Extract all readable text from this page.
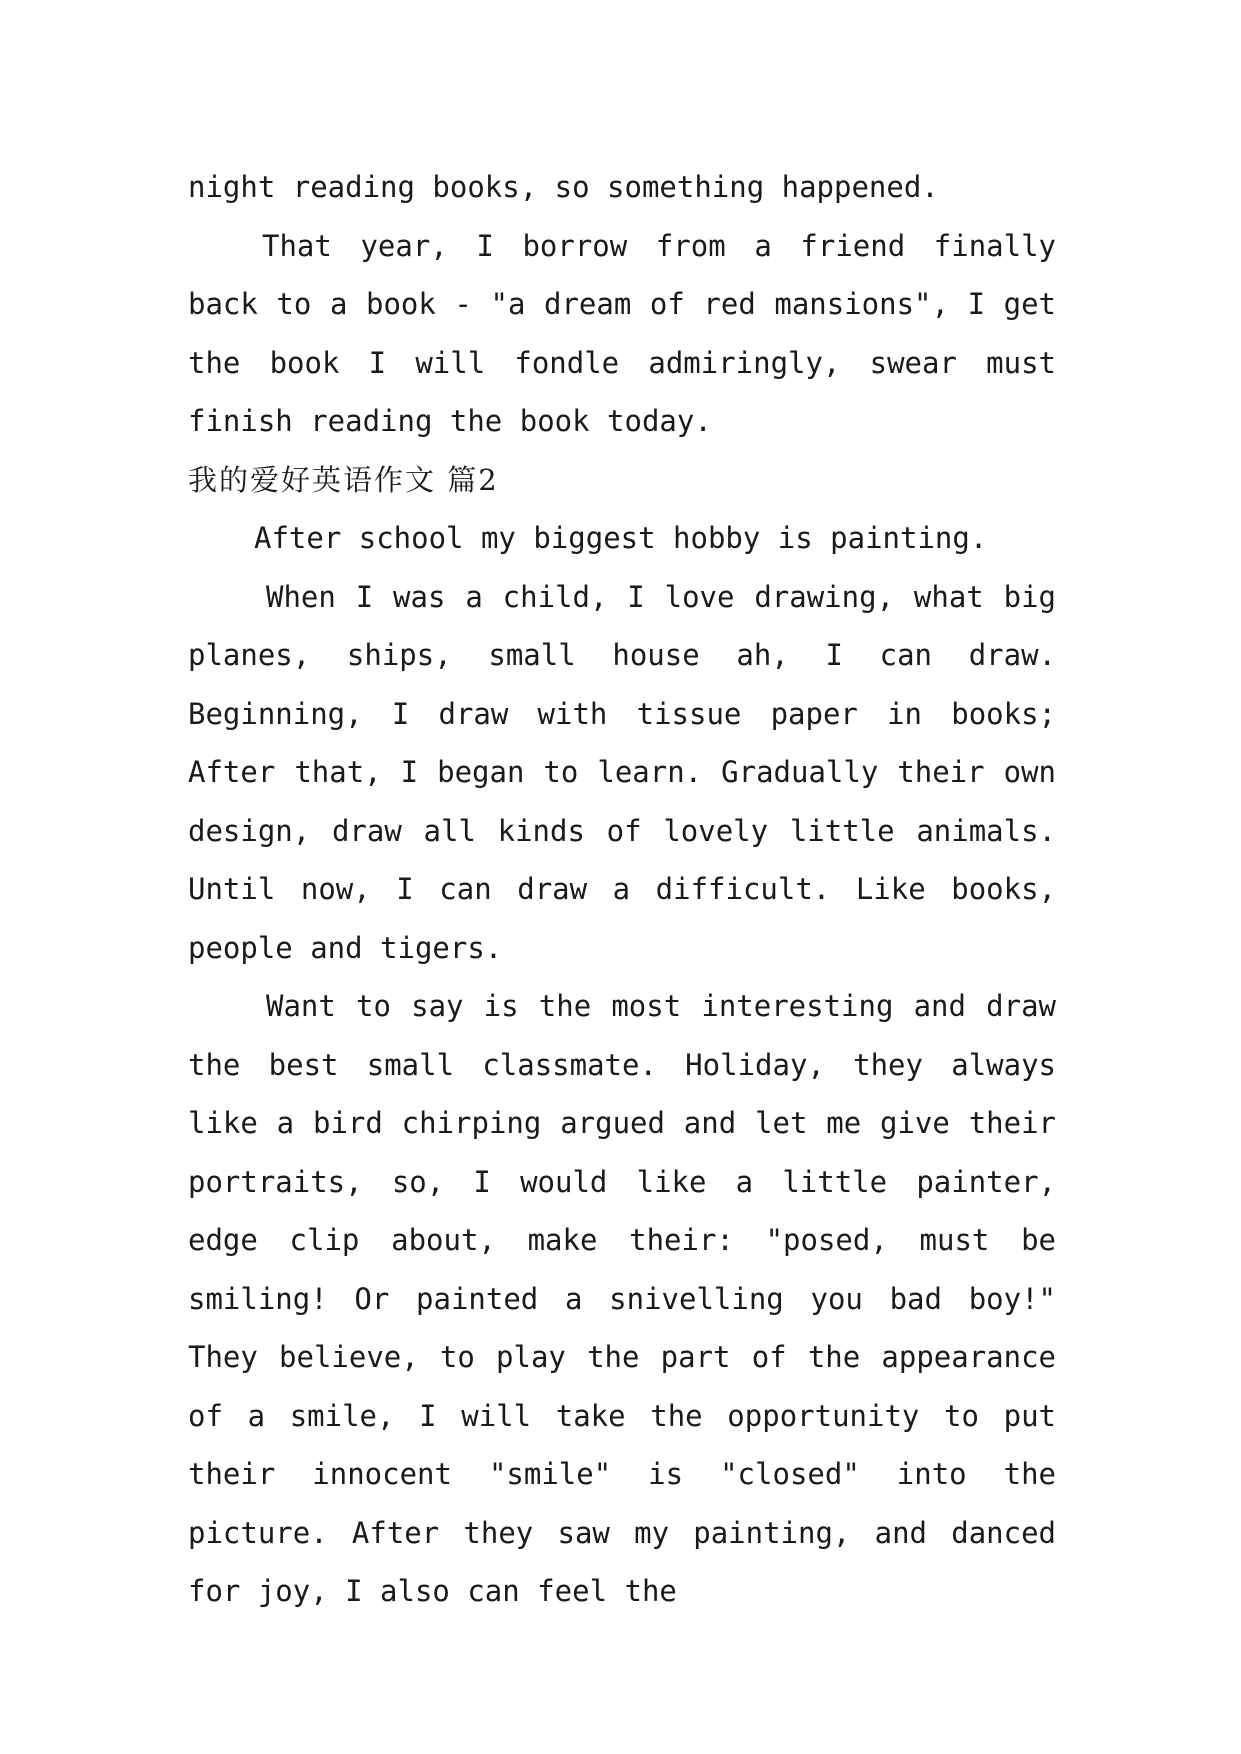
night reading books, so something happened.

That year, I borrow from a friend finally back to a book - "a dream of red mansions", I get the book I will fondle admiringly, swear must finish reading the book today.

我的爱好英语作文 篇2

After school my biggest hobby is painting.

When I was a child, I love drawing, what big planes, ships, small house ah, I can draw. Beginning, I draw with tissue paper in books; After that, I began to learn. Gradually their own design, draw all kinds of lovely little animals. Until now, I can draw a difficult. Like books, people and tigers.

Want to say is the most interesting and draw the best small classmate. Holiday, they always like a bird chirping argued and let me give their portraits, so, I would like a little painter, edge clip about, make their: "posed, must be smiling! Or painted a snivelling you bad boy!" They believe, to play the part of the appearance of a smile, I will take the opportunity to put their innocent "smile" is "closed" into the picture. After they saw my painting, and danced for joy, I also can feel the
